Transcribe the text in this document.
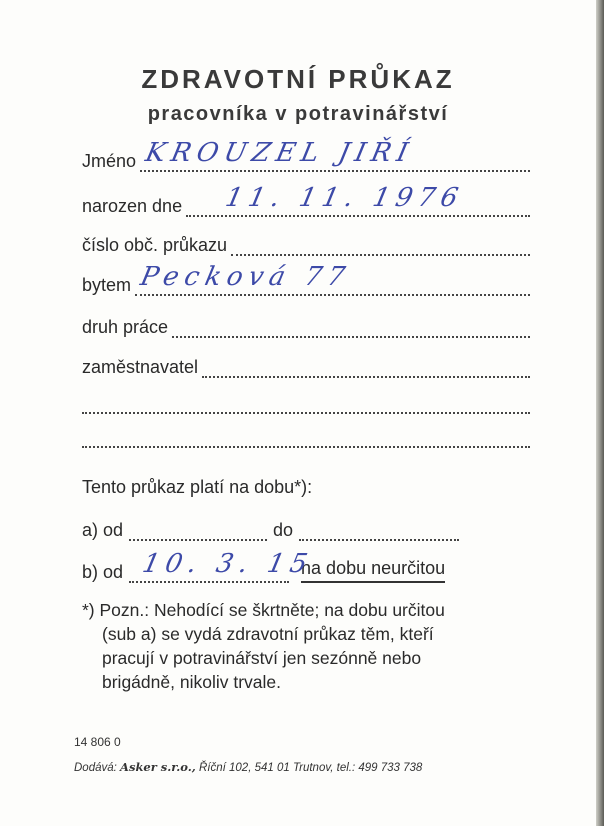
ZDRAVOTNÍ PRŮKAZ
pracovníka v potravinářství
Jméno KROUZEL JIŘÍ
narozen dne 11. 11. 1976
číslo obč. průkazu
bytem Pecková 77
druh práce
zaměstnavatel
Tento průkaz platí na dobu*):
a) od	do
b) od 10. 3. 15
na dobu neurčitou
*) Pozn.: Nehodící se škrtněte; na dobu určitou
(sub a) se vydá zdravotní průkaz těm, kteří
pracují v potravinářství jen sezónně nebo
brigádně, nikoliv trvale.
14 806 0
Dodává: Asker s.r.o., Říční 102, 541 01 Trutnov, tel.: 499 733 738
